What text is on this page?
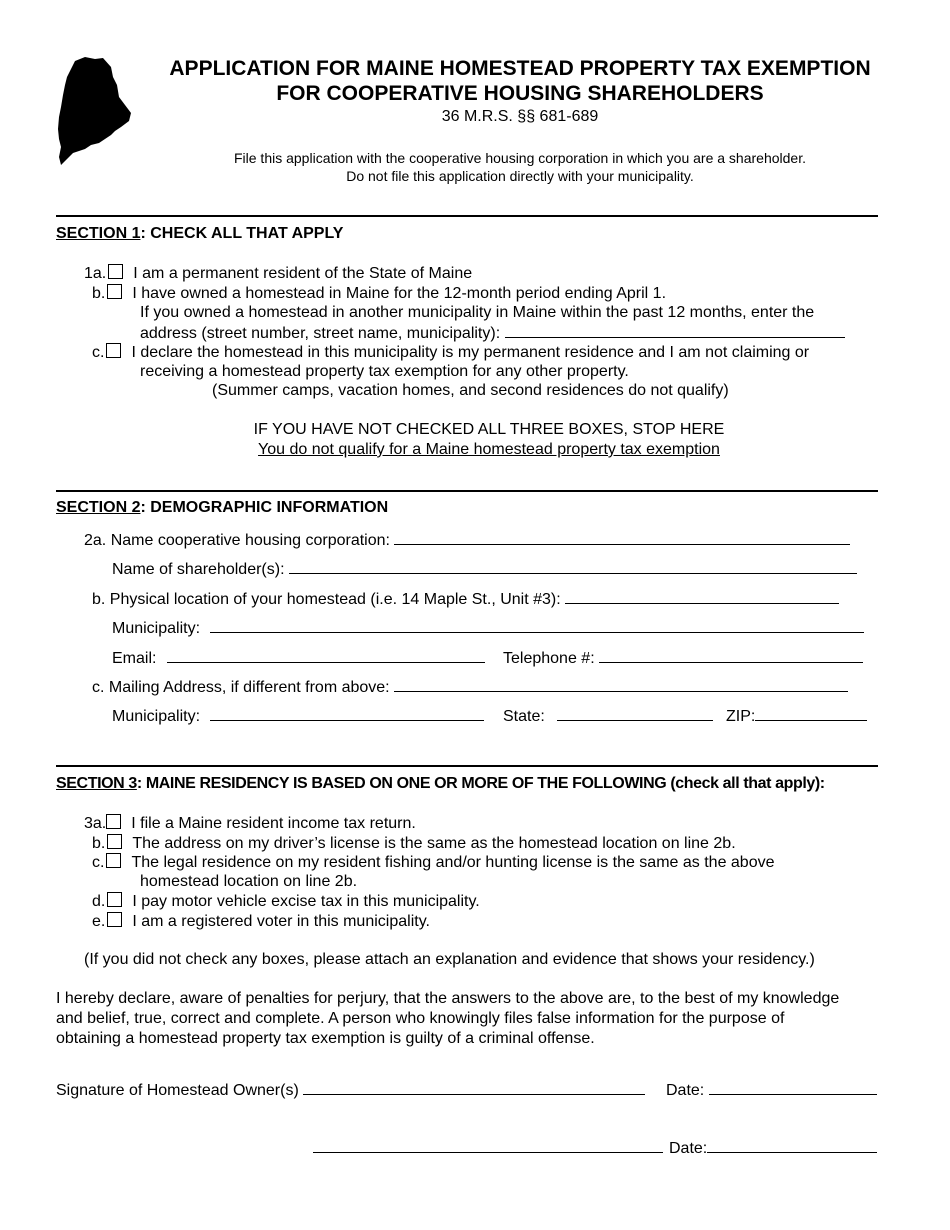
APPLICATION FOR MAINE HOMESTEAD PROPERTY TAX EXEMPTION
FOR COOPERATIVE HOUSING SHAREHOLDERS
36 M.R.S. §§ 681-689
File this application with the cooperative housing corporation in which you are a shareholder.
Do not file this application directly with your municipality.
SECTION 1: CHECK ALL THAT APPLY
1a. I am a permanent resident of the State of Maine
b. I have owned a homestead in Maine for the 12-month period ending April 1.
If you owned a homestead in another municipality in Maine within the past 12 months, enter the
address (street number, street name, municipality):
c. I declare the homestead in this municipality is my permanent residence and I am not claiming or
receiving a homestead property tax exemption for any other property.
(Summer camps, vacation homes, and second residences do not qualify)
IF YOU HAVE NOT CHECKED ALL THREE BOXES, STOP HERE
You do not qualify for a Maine homestead property tax exemption
SECTION 2: DEMOGRAPHIC INFORMATION
2a. Name cooperative housing corporation:
Name of shareholder(s):
b. Physical location of your homestead (i.e. 14 Maple St., Unit #3):
Municipality:
Email:	Telephone #:
c. Mailing Address, if different from above:
Municipality:	State:	ZIP:
SECTION 3: MAINE RESIDENCY IS BASED ON ONE OR MORE OF THE FOLLOWING (check all that apply):
3a. I file a Maine resident income tax return.
b. The address on my driver’s license is the same as the homestead location on line 2b.
c. The legal residence on my resident fishing and/or hunting license is the same as the above
homestead location on line 2b.
d. I pay motor vehicle excise tax in this municipality.
e. I am a registered voter in this municipality.
(If you did not check any boxes, please attach an explanation and evidence that shows your residency.)
I hereby declare, aware of penalties for perjury, that the answers to the above are, to the best of my knowledge
and belief, true, correct and complete. A person who knowingly files false information for the purpose of
obtaining a homestead property tax exemption is guilty of a criminal offense.
Signature of Homestead Owner(s)	Date:
Date:
